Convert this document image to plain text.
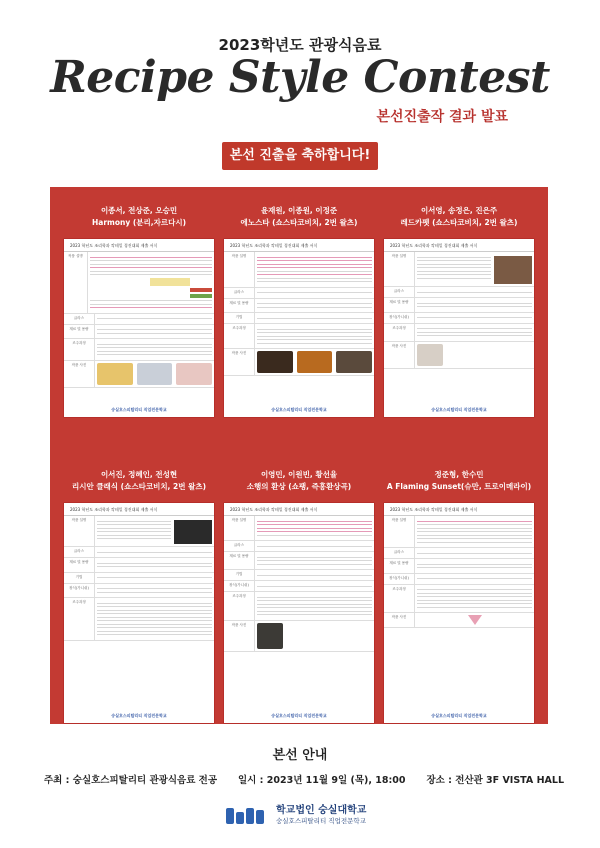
2023학년도 관광식음료
Recipe Style Contest
본선진출작 결과 발표
본선 진출을 축하합니다!
이종서, 전상준, 오승민
Harmony (분리,자르다시)
2023 학년도 조리학과 칵테일 경진대회 제출 서식
작품 설명
글라스
재료 및 용량
조주과정
작품 사진
숭실호스피탈리티 직업전문학교
윤재원, 이종원, 이정준
에노스타 (쇼스타코비치, 2번 왈츠)
2023 학년도 조리학과 칵테일 경진대회 제출 서식
작품 설명
글라스
재료 및 용량
기법
조주과정
작품 사진
숭실호스피탈리티 직업전문학교
이서영, 송정은, 진은주
레드카펫 (쇼스타코비치, 2번 왈츠)
2023 학년도 조리학과 칵테일 경진대회 제출 서식
작품 설명
글라스
재료 및 용량
장식(가니쉬)
조주과정
작품 사진
숭실호스피탈리티 직업전문학교
이서진, 정혜인, 전성현
리시안 클래식 (쇼스타코비치, 2번 왈츠)
2023 학년도 조리학과 칵테일 경진대회 제출 서식
작품 설명
글라스
재료 및 용량
기법
장식(가니쉬)
조주과정
숭실호스피탈리티 직업전문학교
이영민, 이원빈, 황선율
소행의 환상 (쇼팽, 즉흥환상곡)
2023 학년도 조리학과 칵테일 경진대회 제출 서식
작품 설명
글라스
재료 및 용량
기법
장식(가니쉬)
조주과정
작품 사진
숭실호스피탈리티 직업전문학교
정준형, 한수민
A Flaming Sunset(슈만, 트로이메라이)
2023 학년도 조리학과 칵테일 경진대회 제출 서식
작품 설명
글라스
재료 및 용량
장식(가니쉬)
조주과정
작품 사진
숭실호스피탈리티 직업전문학교
본선 안내
주최 : 숭실호스피탈리티 관광식음료 전공 일시 : 2023년 11월 9일 (목), 18:00 장소 : 전산관 3F VISTA HALL
학교법인 숭실대학교
숭실호스피탈리티 직업전문학교
